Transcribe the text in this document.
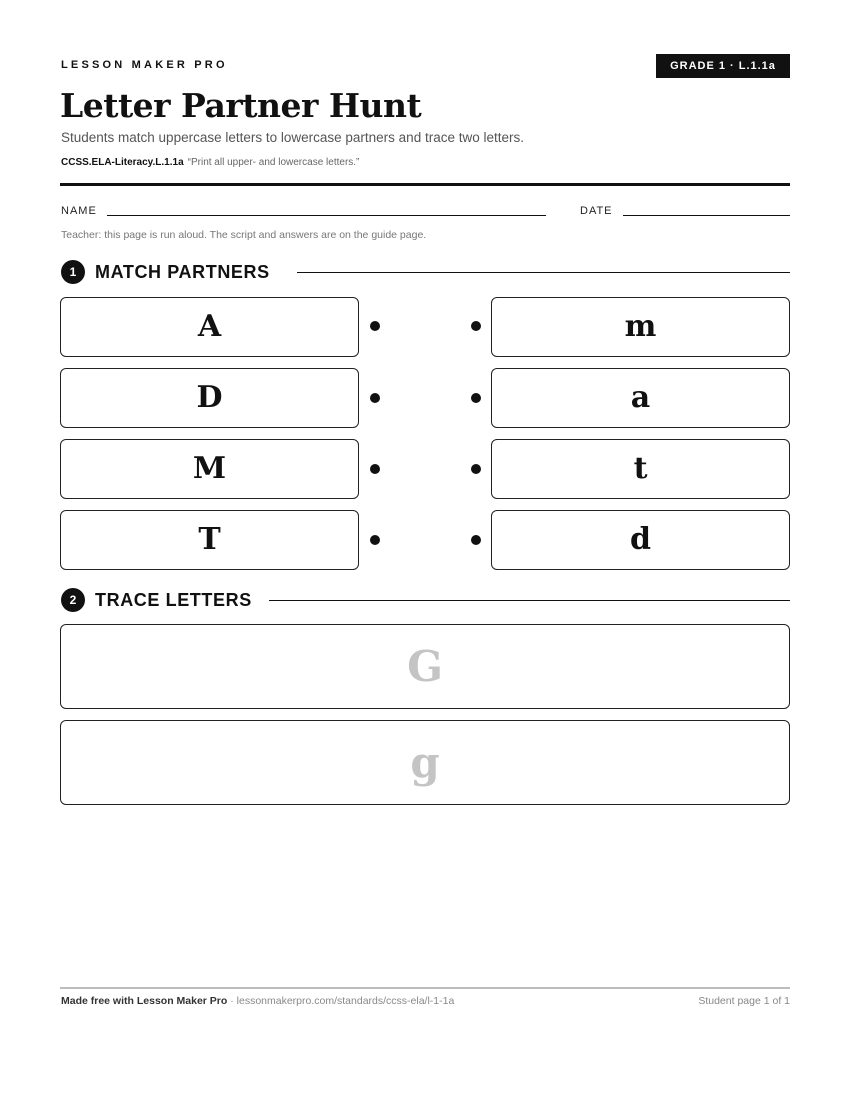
LESSON MAKER PRO	GRADE 1 · L.1.1a
Letter Partner Hunt
Students match uppercase letters to lowercase partners and trace two letters.
CCSS.ELA-Literacy.L.1.1a “Print all upper- and lowercase letters.”
NAME	DATE
Teacher: this page is run aloud. The script and answers are on the guide page.
1	MATCH PARTNERS
A	m
D	a
M	t
T	d
2	TRACE LETTERS
G
g
Made free with Lesson Maker Pro · lessonmakerpro.com/standards/ccss-ela/l-1-1a	Student page 1 of 1
